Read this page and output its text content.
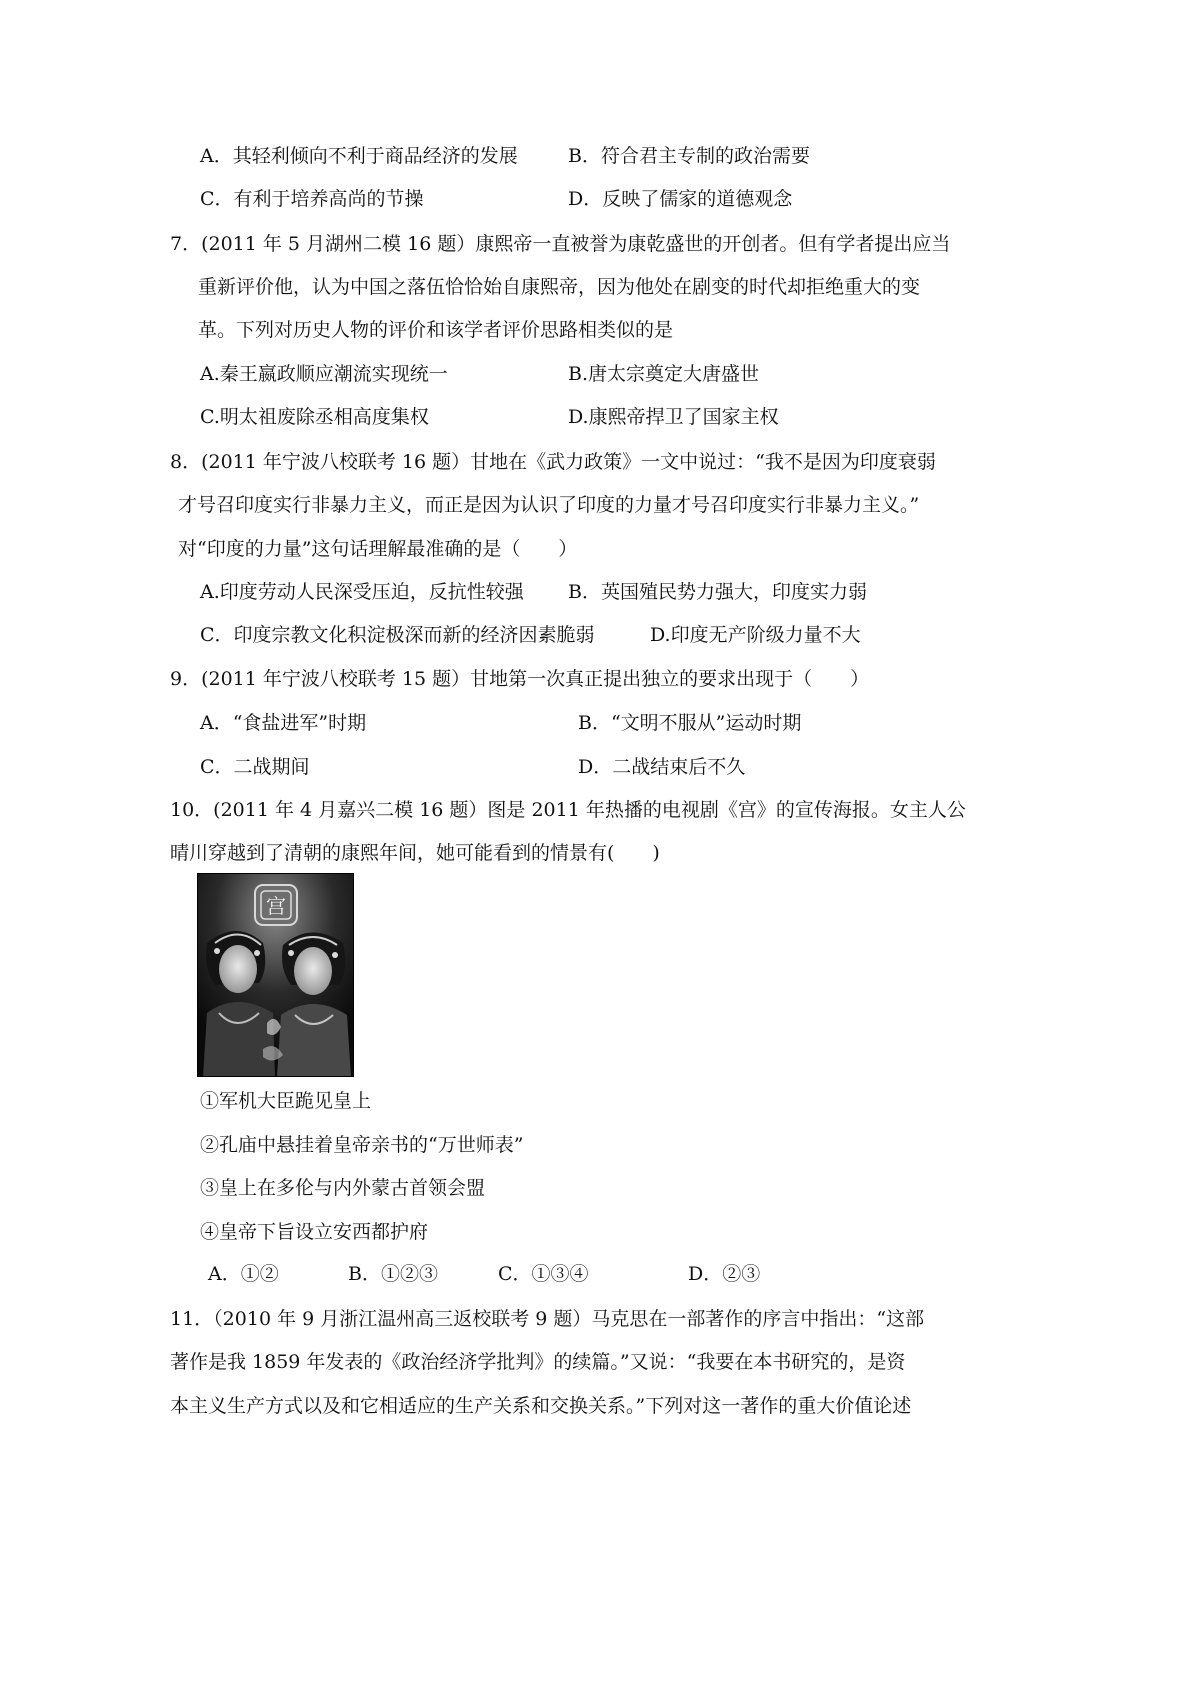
A．其轻利倾向不利于商品经济的发展	B．符合君主专制的政治需要
C．有利于培养高尚的节操	D．反映了儒家的道德观念
7．(2011 年 5 月湖州二模 16 题）康熙帝一直被誉为康乾盛世的开创者。但有学者提出应当
重新评价他，认为中国之落伍恰恰始自康熙帝，因为他处在剧变的时代却拒绝重大的变
革。下列对历史人物的评价和该学者评价思路相类似的是
A.秦王嬴政顺应潮流实现统一	B.唐太宗奠定大唐盛世
C.明太祖废除丞相高度集权	D.康熙帝捍卫了国家主权
8．(2011 年宁波八校联考 16 题）甘地在《武力政策》一文中说过：“我不是因为印度衰弱
才号召印度实行非暴力主义，而正是因为认识了印度的力量才号召印度实行非暴力主义。”
对“印度的力量”这句话理解最准确的是（　　）
A.印度劳动人民深受压迫，反抗性较强 B．英国殖民势力强大，印度实力弱
C．印度宗教文化积淀极深而新的经济因素脆弱	D.印度无产阶级力量不大
9．(2011 年宁波八校联考 15 题）甘地第一次真正提出独立的要求出现于（　　）
A．“食盐进军”时期	B．“文明不服从”运动时期
C．二战期间	D．二战结束后不久
10．(2011 年 4 月嘉兴二模 16 题）图是 2011 年热播的电视剧《宫》的宣传海报。女主人公
晴川穿越到了清朝的康熙年间，她可能看到的情景有(　　)
宫
①军机大臣跪见皇上
②孔庙中悬挂着皇帝亲书的“万世师表”
③皇上在多伦与内外蒙古首领会盟
④皇帝下旨设立安西都护府
A．①②	B．①②③	C．①③④	D．②③
11．（2010 年 9 月浙江温州高三返校联考 9 题）马克思在一部著作的序言中指出：“这部
著作是我 1859 年发表的《政治经济学批判》的续篇。”又说：“我要在本书研究的，是资
本主义生产方式以及和它相适应的生产关系和交换关系。”下列对这一著作的重大价值论述
